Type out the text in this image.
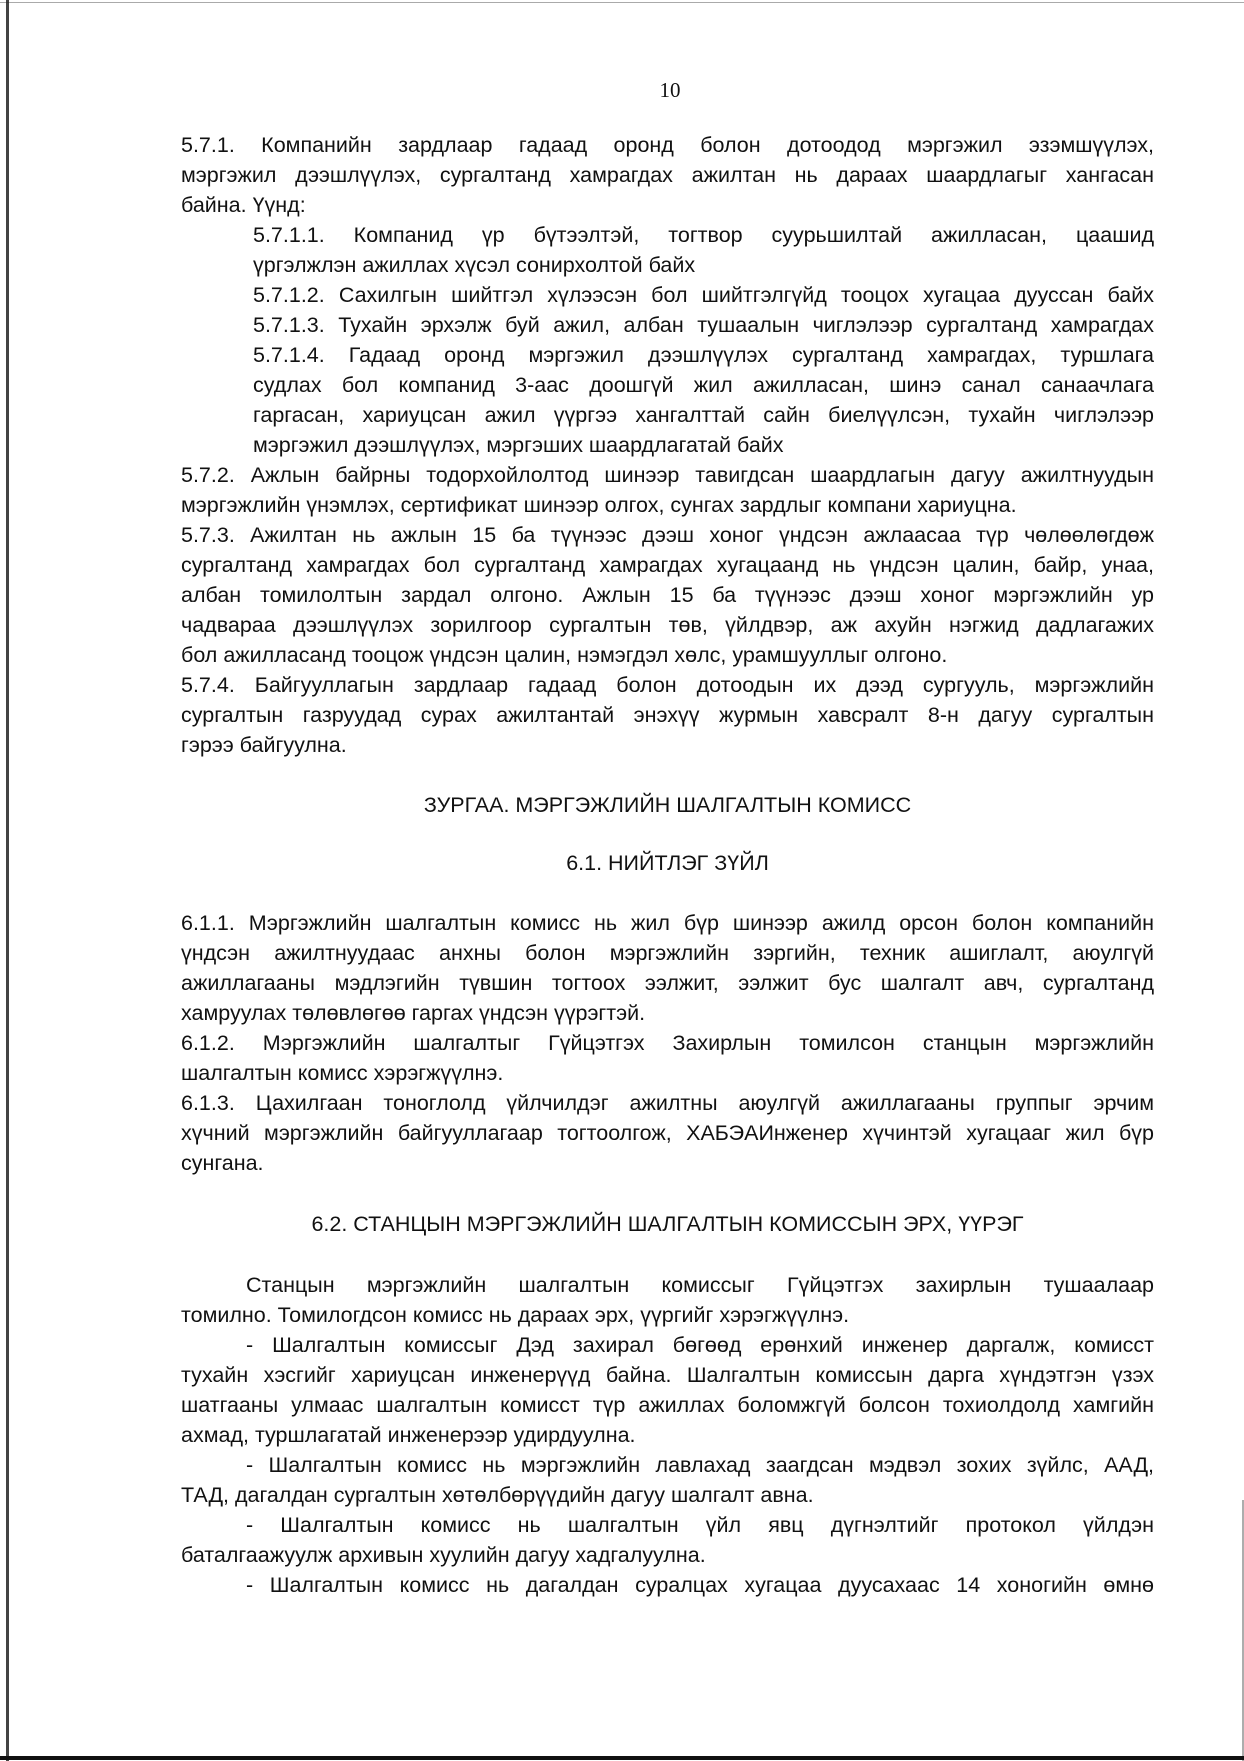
10
5.7.1. Компанийн зардлаар гадаад оронд болон дотоодод мэргэжил эзэмшүүлэх,
мэргэжил дээшлүүлэх, сургалтанд хамрагдах ажилтан нь дараах шаардлагыг хангасан
байна. Үүнд:
5.7.1.1. Компанид үр бүтээлтэй, тогтвор суурьшилтай ажилласан, цаашид
үргэлжлэн ажиллах хүсэл сонирхолтой байх
5.7.1.2. Сахилгын шийтгэл хүлээсэн бол шийтгэлгүйд тооцох хугацаа дууссан байх
5.7.1.3. Тухайн эрхэлж буй ажил, албан тушаалын чиглэлээр сургалтанд хамрагдах
5.7.1.4. Гадаад оронд мэргэжил дээшлүүлэх сургалтанд хамрагдах, туршлага
судлах бол компанид 3-аас доошгүй жил ажилласан, шинэ санал санаачлага
гаргасан, хариуцсан ажил үүргээ хангалттай сайн биелүүлсэн, тухайн чиглэлээр
мэргэжил дээшлүүлэх, мэргэших шаардлагатай байх
5.7.2. Ажлын байрны тодорхойлолтод шинээр тавигдсан шаардлагын дагуу ажилтнуудын
мэргэжлийн үнэмлэх, сертификат шинээр олгох, сунгах зардлыг компани хариуцна.
5.7.3. Ажилтан нь ажлын 15 ба түүнээс дээш хоног үндсэн ажлаасаа түр чөлөөлөгдөж
сургалтанд хамрагдах бол сургалтанд хамрагдах хугацаанд нь үндсэн цалин, байр, унаа,
албан томилолтын зардал олгоно. Ажлын 15 ба түүнээс дээш хоног мэргэжлийн ур
чадвараа дээшлүүлэх зорилгоор сургалтын төв, үйлдвэр, аж ахуйн нэгжид дадлагажих
бол ажилласанд тооцож үндсэн цалин, нэмэгдэл хөлс, урамшууллыг олгоно.
5.7.4. Байгууллагын зардлаар гадаад болон дотоодын их дээд сургууль, мэргэжлийн
сургалтын газруудад сурах ажилтантай энэхүү журмын хавсралт 8-н дагуу сургалтын
гэрээ байгуулна.
ЗУРГАА. МЭРГЭЖЛИЙН ШАЛГАЛТЫН КОМИСС
6.1. НИЙТЛЭГ ЗҮЙЛ
6.1.1. Мэргэжлийн шалгалтын комисс нь жил бүр шинээр ажилд орсон болон компанийн
үндсэн ажилтнуудаас анхны болон мэргэжлийн зэргийн, техник ашиглалт, аюулгүй
ажиллагааны мэдлэгийн түвшин тогтоох ээлжит, ээлжит бус шалгалт авч, сургалтанд
хамруулах төлөвлөгөө гаргах үндсэн үүрэгтэй.
6.1.2. Мэргэжлийн шалгалтыг Гүйцэтгэх Захирлын томилсон станцын мэргэжлийн
шалгалтын комисс хэрэгжүүлнэ.
6.1.3. Цахилгаан тоноглолд үйлчилдэг ажилтны аюулгүй ажиллагааны группыг эрчим
хүчний мэргэжлийн байгууллагаар тогтоолгож, ХАБЭАИнженер хүчинтэй хугацааг жил бүр
сунгана.
6.2. СТАНЦЫН МЭРГЭЖЛИЙН ШАЛГАЛТЫН КОМИССЫН ЭРХ, ҮҮРЭГ
Станцын мэргэжлийн шалгалтын комиссыг Гүйцэтгэх захирлын тушаалаар
томилно. Томилогдсон комисс нь дараах эрх, үүргийг хэрэгжүүлнэ.
- Шалгалтын комиссыг Дэд захирал бөгөөд ерөнхий инженер даргалж, комисст
тухайн хэсгийг хариуцсан инженерүүд байна. Шалгалтын комиссын дарга хүндэтгэн үзэх
шатгааны улмаас шалгалтын комисст түр ажиллах боломжгүй болсон тохиолдолд хамгийн
ахмад, туршлагатай инженерээр удирдуулна.
- Шалгалтын комисс нь мэргэжлийн лавлахад заагдсан мэдвэл зохих зүйлс, ААД,
ТАД, дагалдан сургалтын хөтөлбөрүүдийн дагуу шалгалт авна.
- Шалгалтын комисс нь шалгалтын үйл явц дүгнэлтийг протокол үйлдэн
баталгаажуулж архивын хуулийн дагуу хадгалуулна.
- Шалгалтын комисс нь дагалдан суралцах хугацаа дуусахаас 14 хоногийн өмнө
